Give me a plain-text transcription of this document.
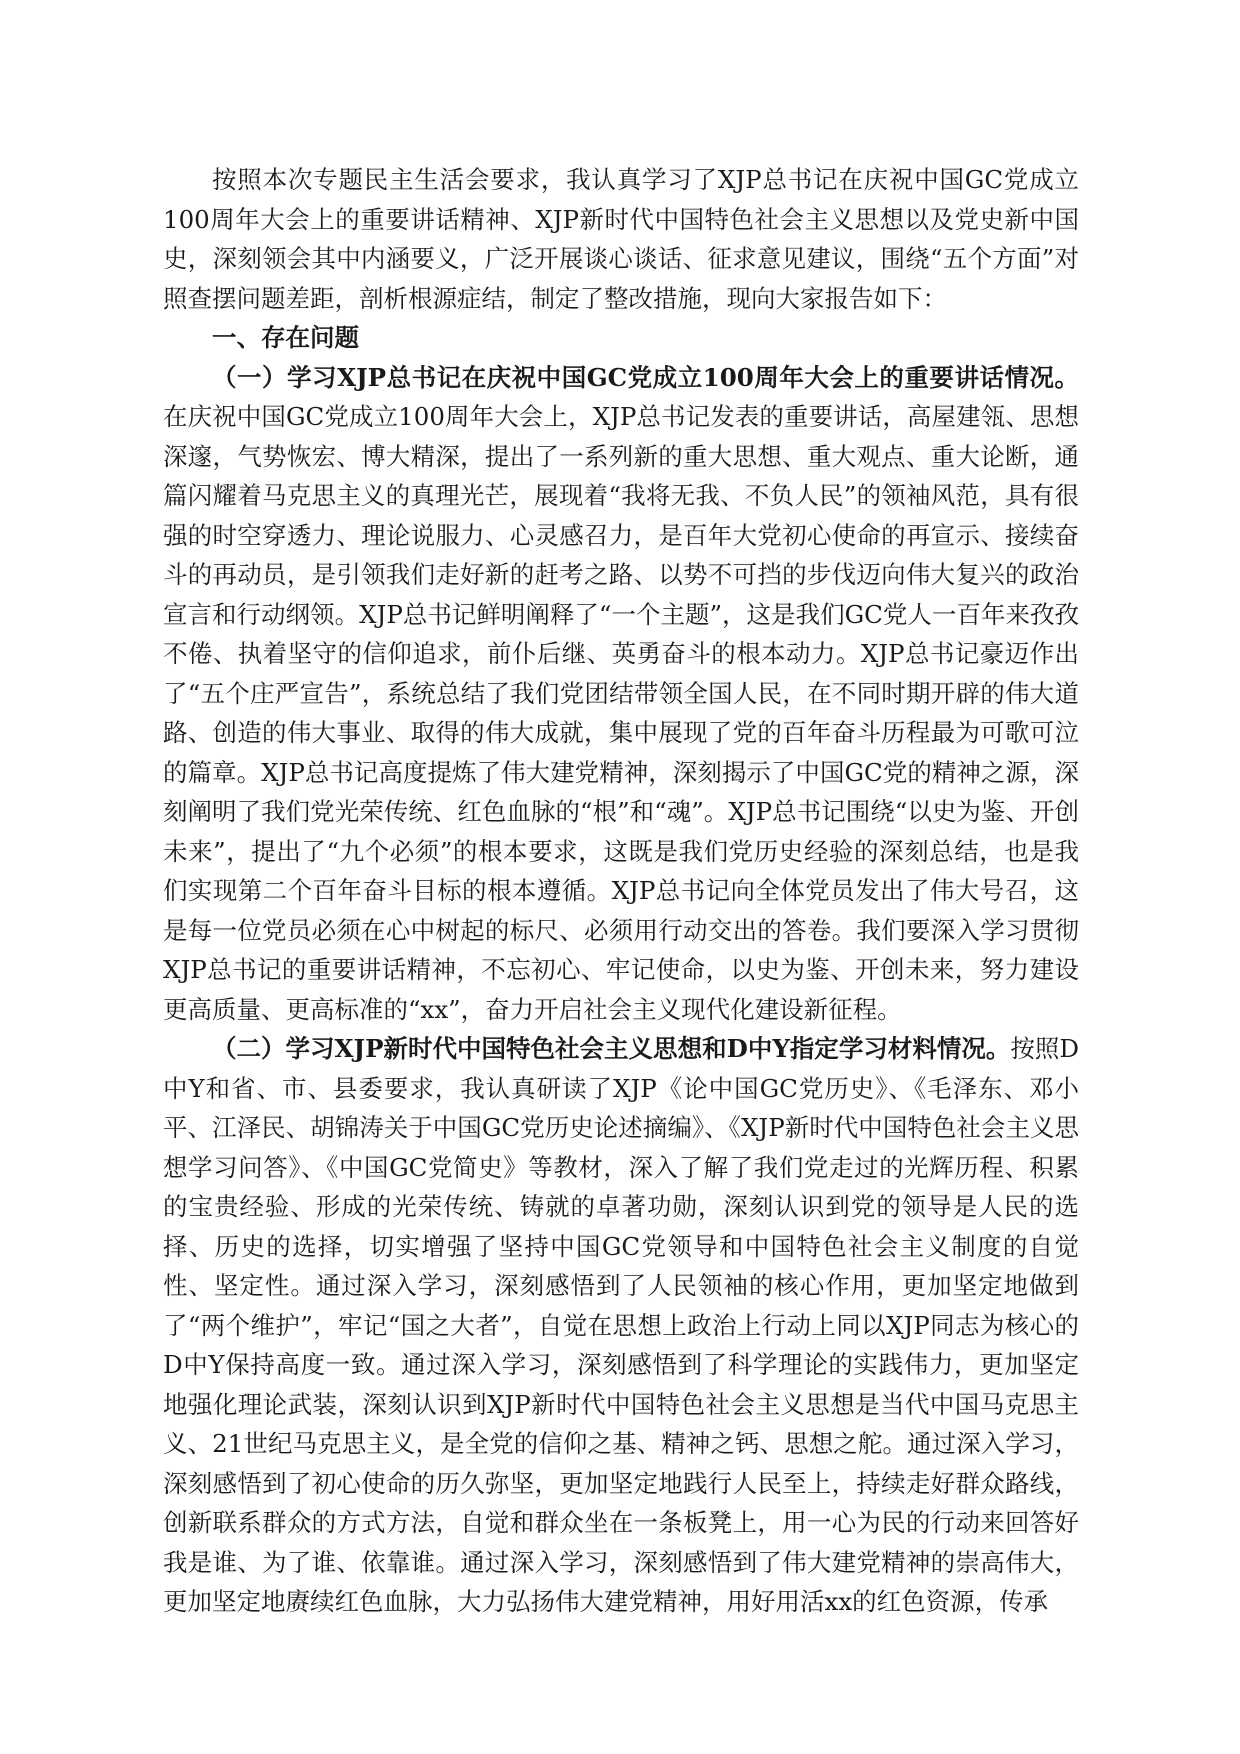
按照本次专题民主生活会要求，我认真学习了XJP总书记在庆祝中国GC党成立100周年大会上的重要讲话精神、XJP新时代中国特色社会主义思想以及党史新中国史，深刻领会其中内涵要义，广泛开展谈心谈话、征求意见建议，围绕“五个方面”对照查摆问题差距，剖析根源症结，制定了整改措施，现向大家报告如下：

一、存在问题

（一）学习XJP总书记在庆祝中国GC党成立100周年大会上的重要讲话情况。在庆祝中国GC党成立100周年大会上，XJP总书记发表的重要讲话，高屋建瓴、思想深邃，气势恢宏、博大精深，提出了一系列新的重大思想、重大观点、重大论断，通篇闪耀着马克思主义的真理光芒，展现着“我将无我、不负人民”的领袖风范，具有很强的时空穿透力、理论说服力、心灵感召力，是百年大党初心使命的再宣示、接续奋斗的再动员，是引领我们走好新的赶考之路、以势不可挡的步伐迈向伟大复兴的政治宣言和行动纲领。XJP总书记鲜明阐释了“一个主题”，这是我们GC党人一百年来孜孜不倦、执着坚守的信仰追求，前仆后继、英勇奋斗的根本动力。XJP总书记豪迈作出了“五个庄严宣告”，系统总结了我们党团结带领全国人民，在不同时期开辟的伟大道路、创造的伟大事业、取得的伟大成就，集中展现了党的百年奋斗历程最为可歌可泣的篇章。XJP总书记高度提炼了伟大建党精神，深刻揭示了中国GC党的精神之源，深刻阐明了我们党光荣传统、红色血脉的“根”和“魂”。XJP总书记围绕“以史为鉴、开创未来”，提出了“九个必须”的根本要求，这既是我们党历史经验的深刻总结，也是我们实现第二个百年奋斗目标的根本遵循。XJP总书记向全体党员发出了伟大号召，这是每一位党员必须在心中树起的标尺、必须用行动交出的答卷。我们要深入学习贯彻XJP总书记的重要讲话精神，不忘初心、牢记使命，以史为鉴、开创未来，努力建设更高质量、更高标准的“xx”，奋力开启社会主义现代化建设新征程。

（二）学习XJP新时代中国特色社会主义思想和D中Y指定学习材料情况。按照D中Y和省、市、县委要求，我认真研读了XJP《论中国GC党历史》、《毛泽东、邓小平、江泽民、胡锦涛关于中国GC党历史论述摘编》、《XJP新时代中国特色社会主义思想学习问答》、《中国GC党简史》等教材，深入了解了我们党走过的光辉历程、积累的宝贵经验、形成的光荣传统、铸就的卓著功勋，深刻认识到党的领导是人民的选择、历史的选择，切实增强了坚持中国GC党领导和中国特色社会主义制度的自觉性、坚定性。通过深入学习，深刻感悟到了人民领袖的核心作用，更加坚定地做到了“两个维护”，牢记“国之大者”，自觉在思想上政治上行动上同以XJP同志为核心的D中Y保持高度一致。通过深入学习，深刻感悟到了科学理论的实践伟力，更加坚定地强化理论武装，深刻认识到XJP新时代中国特色社会主义思想是当代中国马克思主义、21世纪马克思主义，是全党的信仰之基、精神之钙、思想之舵。通过深入学习，深刻感悟到了初心使命的历久弥坚，更加坚定地践行人民至上，持续走好群众路线，创新联系群众的方式方法，自觉和群众坐在一条板凳上，用一心为民的行动来回答好我是谁、为了谁、依靠谁。通过深入学习，深刻感悟到了伟大建党精神的崇高伟大，更加坚定地赓续红色血脉，大力弘扬伟大建党精神，用好用活xx的红色资源，传承
